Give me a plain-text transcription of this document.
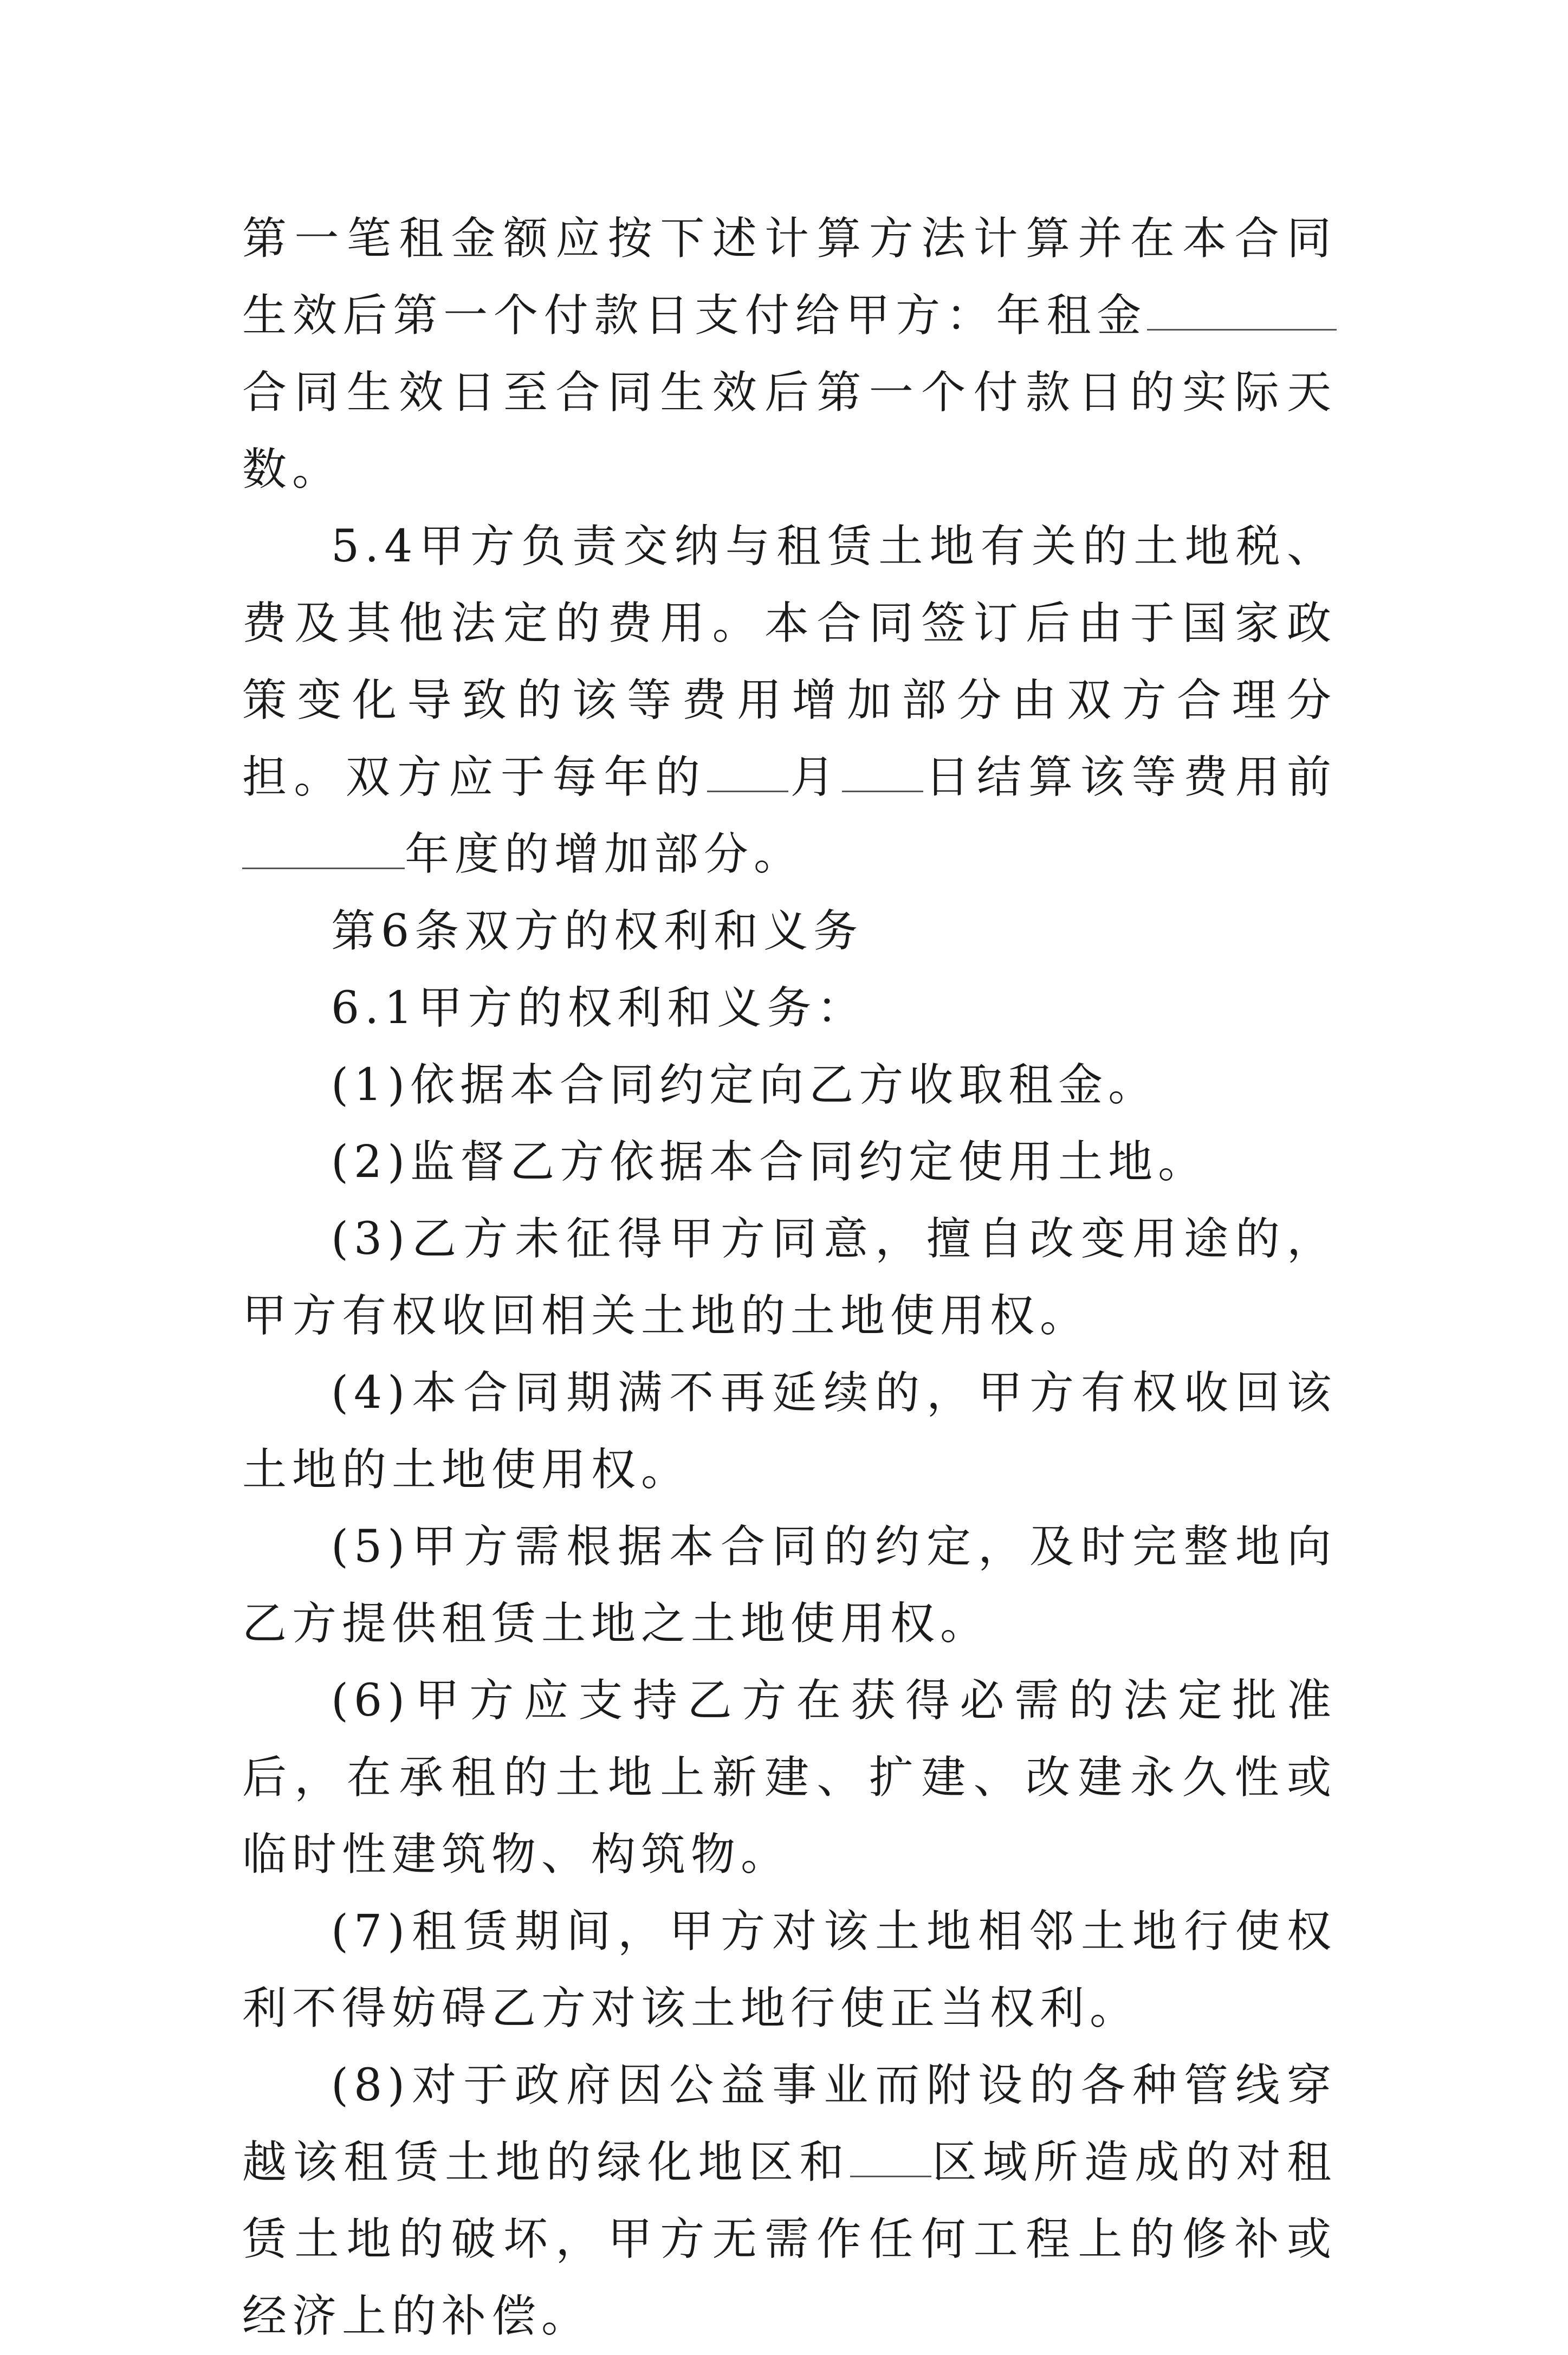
第一笔租金额应按下述计算方法计算并在本合同生效后第一个付款日支付给甲方：年租金合同生效日至合同生效后第一个付款日的实际天数。

5.4甲方负责交纳与租赁土地有关的土地税、费及其他法定的费用。本合同签订后由于国家政策变化导致的该等费用增加部分由双方合理分担。双方应于每年的 月 日结算该等费用前年度的增加部分。

第6条双方的权利和义务

6.1甲方的权利和义务：

(1)依据本合同约定向乙方收取租金。

(2)监督乙方依据本合同约定使用土地。

(3)乙方未征得甲方同意，擅自改变用途的，甲方有权收回相关土地的土地使用权。

(4)本合同期满不再延续的，甲方有权收回该土地的土地使用权。

(5)甲方需根据本合同的约定，及时完整地向乙方提供租赁土地之土地使用权。

(6)甲方应支持乙方在获得必需的法定批准后，在承租的土地上新建、扩建、改建永久性或临时性建筑物、构筑物。

(7)租赁期间，甲方对该土地相邻土地行使权利不得妨碍乙方对该土地行使正当权利。

(8)对于政府因公益事业而附设的各种管线穿越该租赁土地的绿化地区和 区域所造成的对租赁土地的破坏，甲方无需作任何工程上的修补或经济上的补偿。
